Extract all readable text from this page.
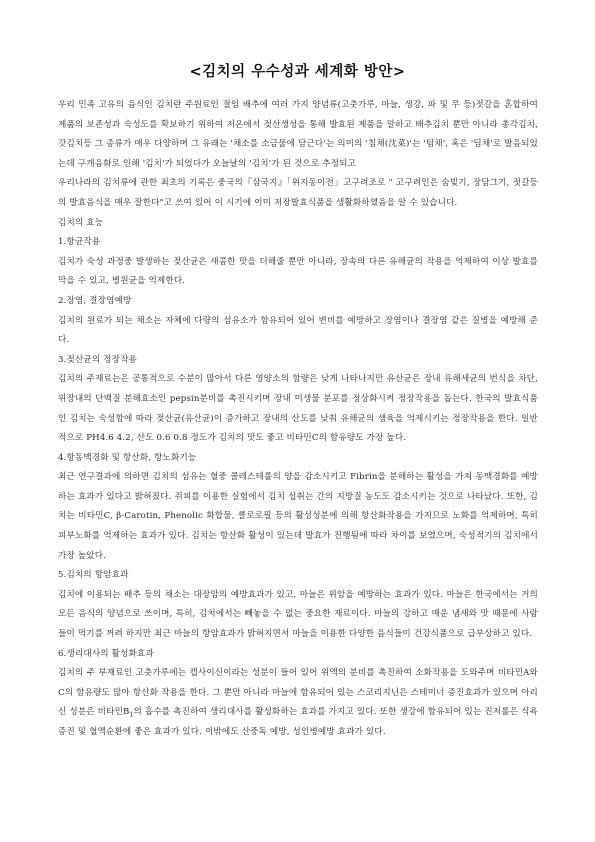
<김치의 우수성과 세계화 방안>

우리 민족 고유의 음식인 김치란 주원료인 절임 배추에 여러 가지 양념류(고춧가루, 마늘, 생강, 파 및 무 등)젓갈을 혼합하여 제품의 보존성과 숙성도를 확보하기 위하여 저온에서 젖산생성을 통해 발효된 제품을 말하고 배추김치 뿐만 아니라 총각김치, 갓김치등 그 종류가 매우 다양하며 그 유래는 '채소를 소금물에 담근다'는 의미의 '침채(沈菜)'는 '팀채', 혹은 '딤채'로 발음되었는데 구개음화로 인해 '김치'가 되었다가 오늘날의 '김치'가 된 것으로 추정되고

우리나라의 김치류에 관한 최초의 기록은 중국의『삼국지』「위지동이전」고구려조로 " 고구려인은 숨빚기, 장담그기, 젓갈등의 발효음식을 매우 잘한다"고 쓰여 있어 이 시기에 이미 저장발효식품을 생활화하였음을 알 수 있습니다.

김치의 효능

1.항균작용

김치가 숙성 과정중 발생하는 젖산균은 새콤한 맛을 더해줄 뿐만 아니라, 장속의 다른 유해균의 작용을 억제하여 이상 발효를 막을 수 있고, 병원균을 억제한다.

2.장염, 결장염예방

김치의 원료가 되는 채소는 자체에 다량의 섬유소가 함유되어 있어 변비를 예방하고 장염이나 결장염 같은 질병을 예방해 준다.

3.젖산균의 정장작용

김치의 주재료는은 공통적으로 수분이 많아서 다른 영양소의 함량은 낮게 나타나지만 유산균은 장내 유해세균의 번식을 차단, 위장내의 단백질 분해효소인 pepsin분비를 촉진시키며 장내 미생물 분포를 정상화시켜 정장작용을 돕는다. 한국의 발효식품인 김치는 숙성함에 따라 젖산균(유산균)이 증가하고 장내의 산도를 낮춰 유해균의 생육을 억제시키는 정장작용을 한다. 일반적으로 PH4.6 4.2, 산도 0.6 0.8 정도가 김치의 맛도 좋고 비타민C의 함유량도 가장 높다.

4.항동맥경화 및 항산화, 항노화기능

최근 연구결과에 의하면 김치의 섬유는 혈중 콜레스테롤의 양을 감소시키고 Fibrin을 분해하는 활성을 가져 동맥경화를 예방하는 효과가 있다고 밝혀졌다. 쥐피를 이용한 실험에서 김치 섭취는 간의 지방질 농도도 감소시키는 것으로 나타났다. 또한, 김치는 비타민C, β-Carotin, Phenolic 화합물, 클로로필 등의 활성성분에 의해 항산화작용을 가지므로 노화를 억제하며, 특히 피부노화를 억제하는 효과가 있다. 김치는 항산화 활성이 있는데 발효가 진행됨에 따라 차이를 보였으며, 숙성적기의 김치에서 가장 높았다.

5.김치의 항암효과

김치에 이용되는 배추 등의 채소는 대장암의 예방효과가 있고, 마늘은 위암을 예방하는 효과가 있다. 마늘은 한국에서는 거의 모든 음식의 양념으로 쓰이며, 특히, 김치에서는 빼놓을 수 없는 중요한 재료이다. 마늘의 강하고 매운 냄새와 맛 때문에 사람들이 먹기를 꺼려 하지만 최근 마늘의 항암효과가 밝혀지면서 마늘을 이용한 다양한 음식들이 건강식품으로 급부상하고 있다.

6.생리대사의 활성화효과

김치의 주 부재료인 고춧가루에는 캡사이신이라는 성분이 들어 있어 위액의 분비를 촉진하여 소화작용을 도와주며 비타민A와 C의 함유량도 많아 항산화 작용을 한다. 그 뿐만 아니라 마늘에 함유되어 있는 스코리지닌은 스테미너 증진효과가 있으며 아리신 성분은 비타민$B_1$의 흡수를 촉진하여 생리대사를 활성화하는 효과를 가지고 있다. 또한 생강에 함유되어 있는 진저롤은 식욕증진 및 혈액순환에 좋은 효과가 있다. 이밖에도 산중독 예방, 성인병예방 효과가 있다.
